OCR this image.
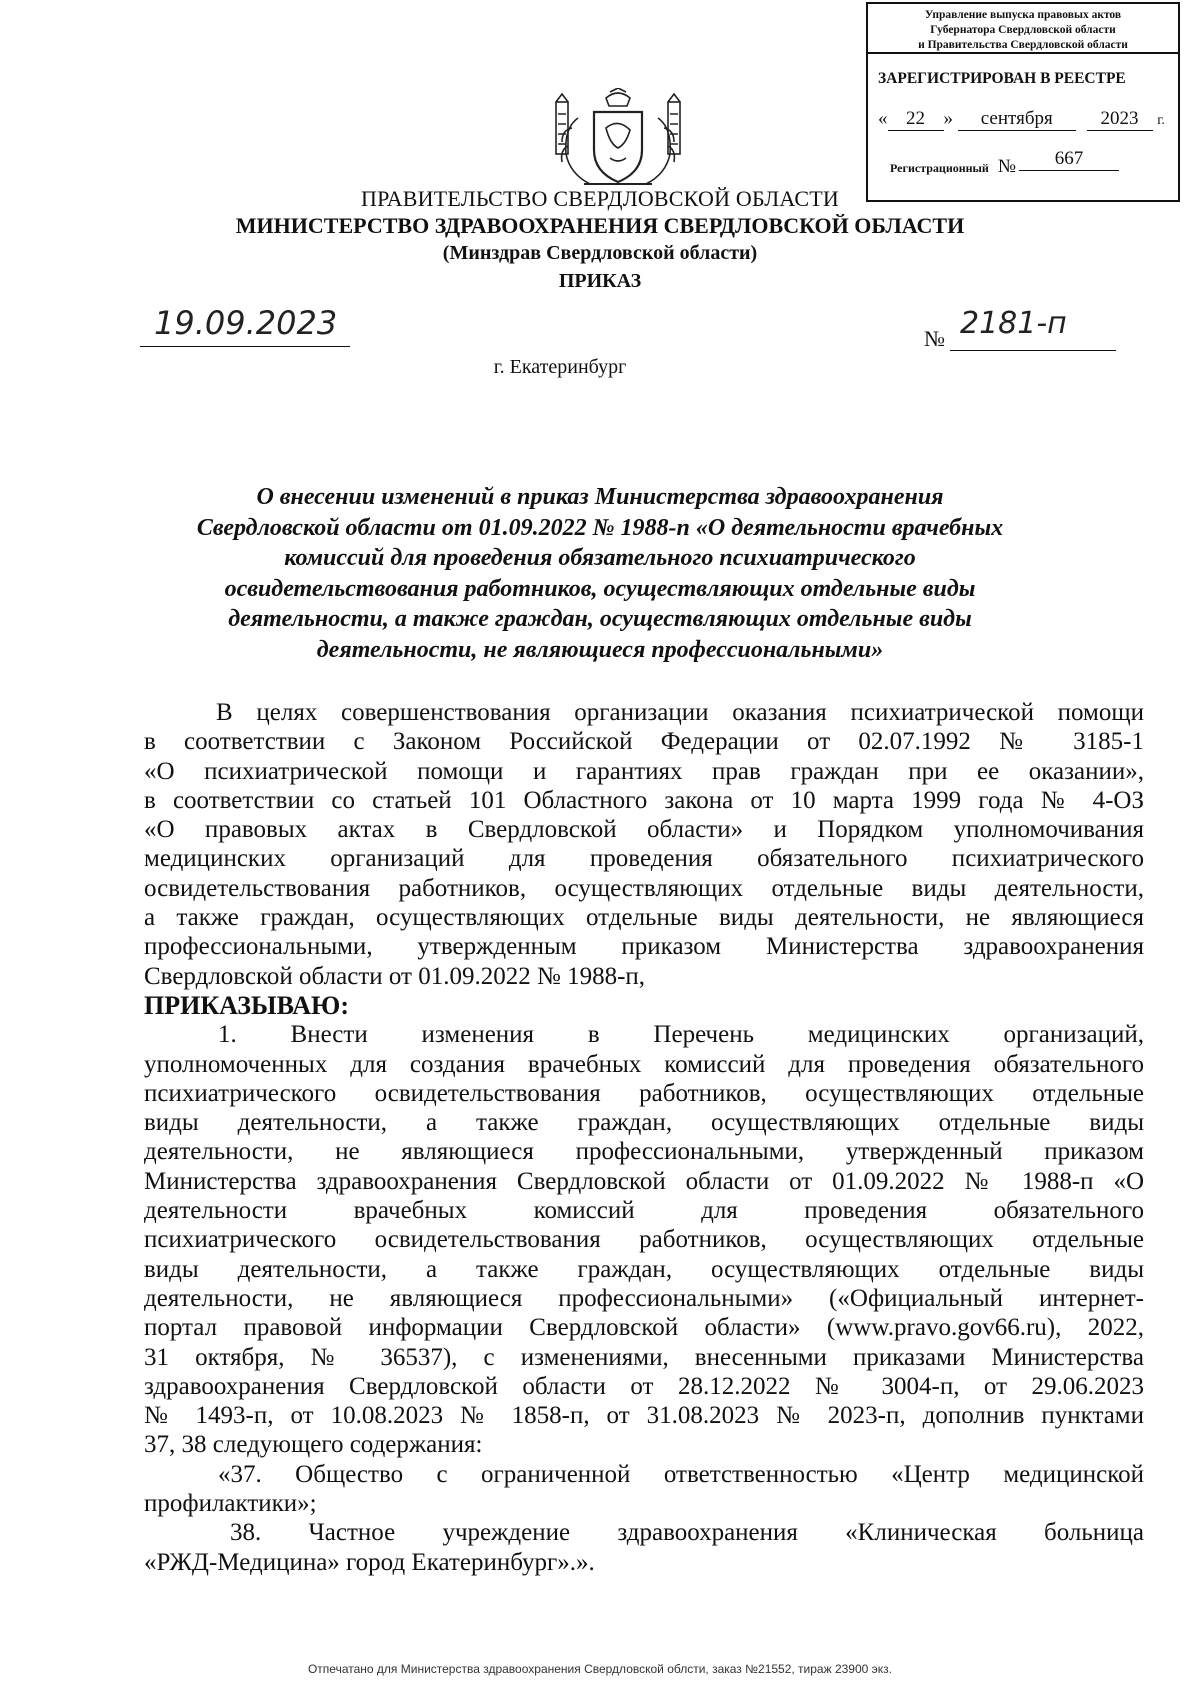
Управление выпуска правовых актов
Губернатора Свердловской области
и Правительства Свердловской области
ЗАРЕГИСТРИРОВАН В РЕЕСТРЕ
« 22 » сентября	2023 г.
Регистрационный № 667
ПРАВИТЕЛЬСТВО СВЕРДЛОВСКОЙ ОБЛАСТИ
МИНИСТЕРСТВО ЗДРАВООХРАНЕНИЯ СВЕРДЛОВСКОЙ ОБЛАСТИ
(Минздрав Свердловской области)
ПРИКАЗ
19.09.2023	№ 2181-п
г. Екатеринбург
О внесении изменений в приказ Министерства здравоохранения
Свердловской области от 01.09.2022 № 1988-п «О деятельности врачебных
комиссий для проведения обязательного психиатрического
освидетельствования работников, осуществляющих отдельные виды
деятельности, а также граждан, осуществляющих отдельные виды
деятельности, не являющиеся профессиональными»
В целях совершенствования организации оказания психиатрической помощи
в соответствии с Законом Российской Федерации от 02.07.1992 № 3185-1
«О психиатрической помощи и гарантиях прав граждан при ее оказании»,
в соответствии со статьей 101 Областного закона от 10 марта 1999 года № 4-ОЗ
«О правовых актах в Свердловской области» и Порядком уполномочивания
медицинских организаций для проведения обязательного психиатрического
освидетельствования работников, осуществляющих отдельные виды деятельности,
а также граждан, осуществляющих отдельные виды деятельности, не являющиеся
профессиональными, утвержденным приказом Министерства здравоохранения
Свердловской области от 01.09.2022 № 1988-п,
ПРИКАЗЫВАЮ:
1. Внести изменения в Перечень медицинских организаций,
уполномоченных для создания врачебных комиссий для проведения обязательного
психиатрического освидетельствования работников, осуществляющих отдельные
виды деятельности, а также граждан, осуществляющих отдельные виды
деятельности, не являющиеся профессиональными, утвержденный приказом
Министерства здравоохранения Свердловской области от 01.09.2022 № 1988-п «О
деятельности врачебных комиссий для проведения обязательного
психиатрического освидетельствования работников, осуществляющих отдельные
виды деятельности, а также граждан, осуществляющих отдельные виды
деятельности, не являющиеся профессиональными» («Официальный интернет-
портал правовой информации Свердловской области» (www.pravo.gov66.ru), 2022,
31 октября, № 36537), с изменениями, внесенными приказами Министерства
здравоохранения Свердловской области от 28.12.2022 № 3004-п, от 29.06.2023
№ 1493-п, от 10.08.2023 № 1858-п, от 31.08.2023 № 2023-п, дополнив пунктами
37, 38 следующего содержания:
«37. Общество с ограниченной ответственностью «Центр медицинской
профилактики»;
38. Частное учреждение здравоохранения «Клиническая больница
«РЖД-Медицина» город Екатеринбург».».
Отпечатано для Министерства здравоохранения Свердловской облсти, заказ №21552, тираж 23900 экз.
